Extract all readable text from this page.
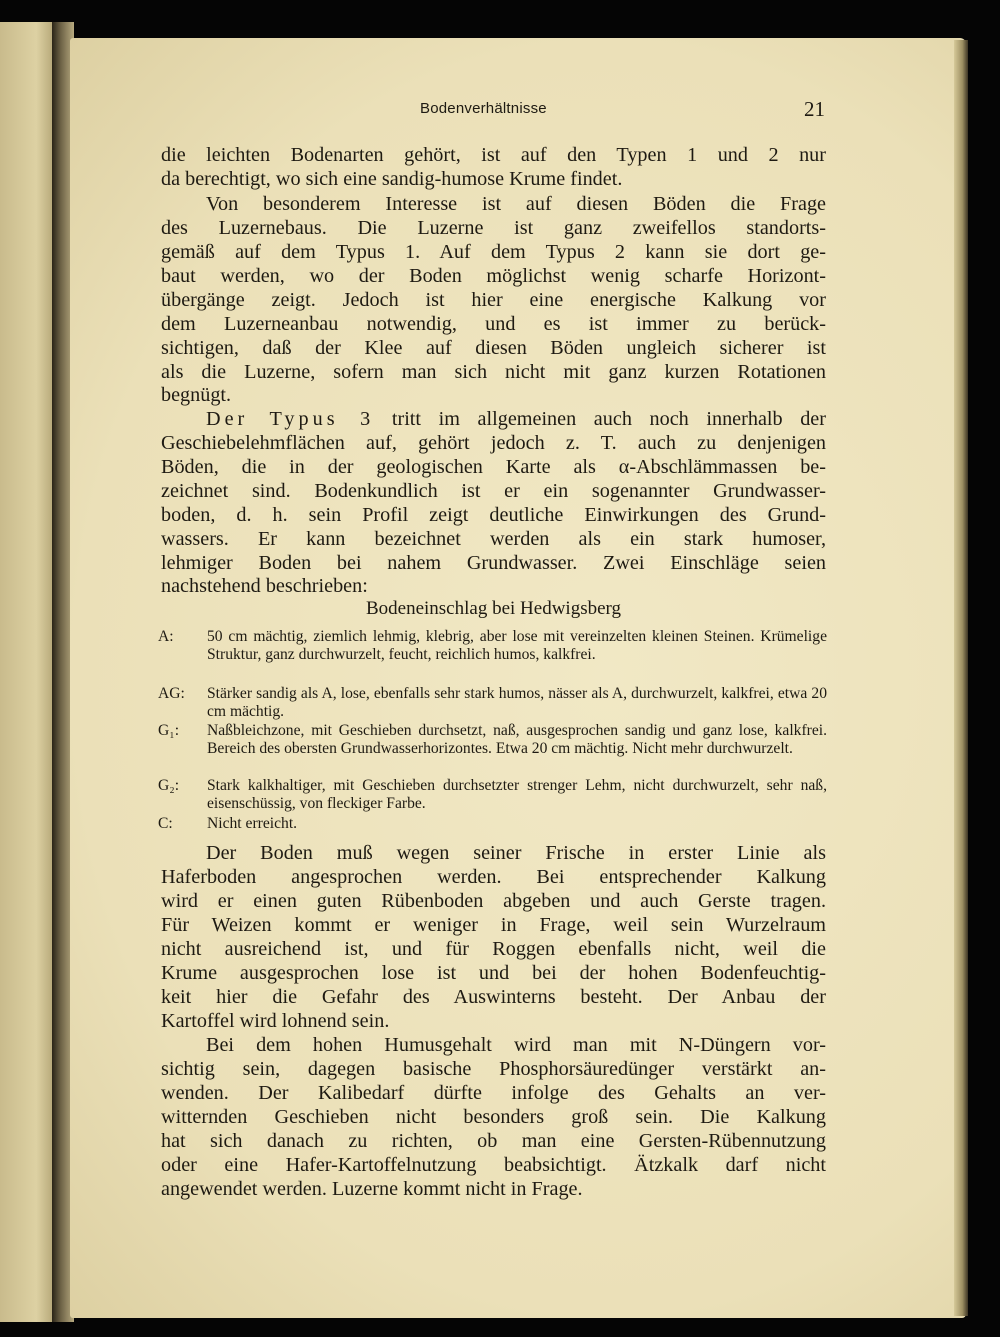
Bodenverhältnisse	21
die leichten Bodenarten gehört, ist auf den Typen 1 und 2 nur
da berechtigt, wo sich eine sandig-humose Krume findet.
Von besonderem Interesse ist auf diesen Böden die Frage
des Luzernebaus. Die Luzerne ist ganz zweifellos standorts-
gemäß auf dem Typus 1. Auf dem Typus 2 kann sie dort ge-
baut werden, wo der Boden möglichst wenig scharfe Horizont-
übergänge zeigt. Jedoch ist hier eine energische Kalkung vor
dem Luzerneanbau notwendig, und es ist immer zu berück-
sichtigen, daß der Klee auf diesen Böden ungleich sicherer ist
als die Luzerne, sofern man sich nicht mit ganz kurzen Rotationen
begnügt.
Der Typus 3 tritt im allgemeinen auch noch innerhalb der
Geschiebelehmflächen auf, gehört jedoch z. T. auch zu denjenigen
Böden, die in der geologischen Karte als α-Abschlämmassen be-
zeichnet sind. Bodenkundlich ist er ein sogenannter Grundwasser-
boden, d. h. sein Profil zeigt deutliche Einwirkungen des Grund-
wassers. Er kann bezeichnet werden als ein stark humoser,
lehmiger Boden bei nahem Grundwasser. Zwei Einschläge seien
nachstehend beschrieben:
Bodeneinschlag bei Hedwigsberg
A:	50 cm mächtig, ziemlich lehmig, klebrig, aber lose mit vereinzelten kleinen Steinen. Krümelige Struktur, ganz durchwurzelt, feucht, reichlich humos, kalkfrei.
AG:	Stärker sandig als A, lose, ebenfalls sehr stark humos, nässer als A, durchwurzelt, kalkfrei, etwa 20 cm mächtig.
G₁:	Naßbleichzone, mit Geschieben durchsetzt, naß, ausgesprochen sandig und ganz lose, kalkfrei. Bereich des obersten Grundwasserhorizontes. Etwa 20 cm mächtig. Nicht mehr durchwurzelt.
G₂:	Stark kalkhaltiger, mit Geschieben durchsetzter strenger Lehm, nicht durchwurzelt, sehr naß, eisenschüssig, von fleckiger Farbe.
C:	Nicht erreicht.
Der Boden muß wegen seiner Frische in erster Linie als
Haferboden angesprochen werden. Bei entsprechender Kalkung
wird er einen guten Rübenboden abgeben und auch Gerste tragen.
Für Weizen kommt er weniger in Frage, weil sein Wurzelraum
nicht ausreichend ist, und für Roggen ebenfalls nicht, weil die
Krume ausgesprochen lose ist und bei der hohen Bodenfeuchtig-
keit hier die Gefahr des Auswinterns besteht. Der Anbau der
Kartoffel wird lohnend sein.
Bei dem hohen Humusgehalt wird man mit N-Düngern vor-
sichtig sein, dagegen basische Phosphorsäuredünger verstärkt an-
wenden. Der Kalibedarf dürfte infolge des Gehalts an ver-
witternden Geschieben nicht besonders groß sein. Die Kalkung
hat sich danach zu richten, ob man eine Gersten-Rübennutzung
oder eine Hafer-Kartoffelnutzung beabsichtigt. Ätzkalk darf nicht
angewendet werden. Luzerne kommt nicht in Frage.
